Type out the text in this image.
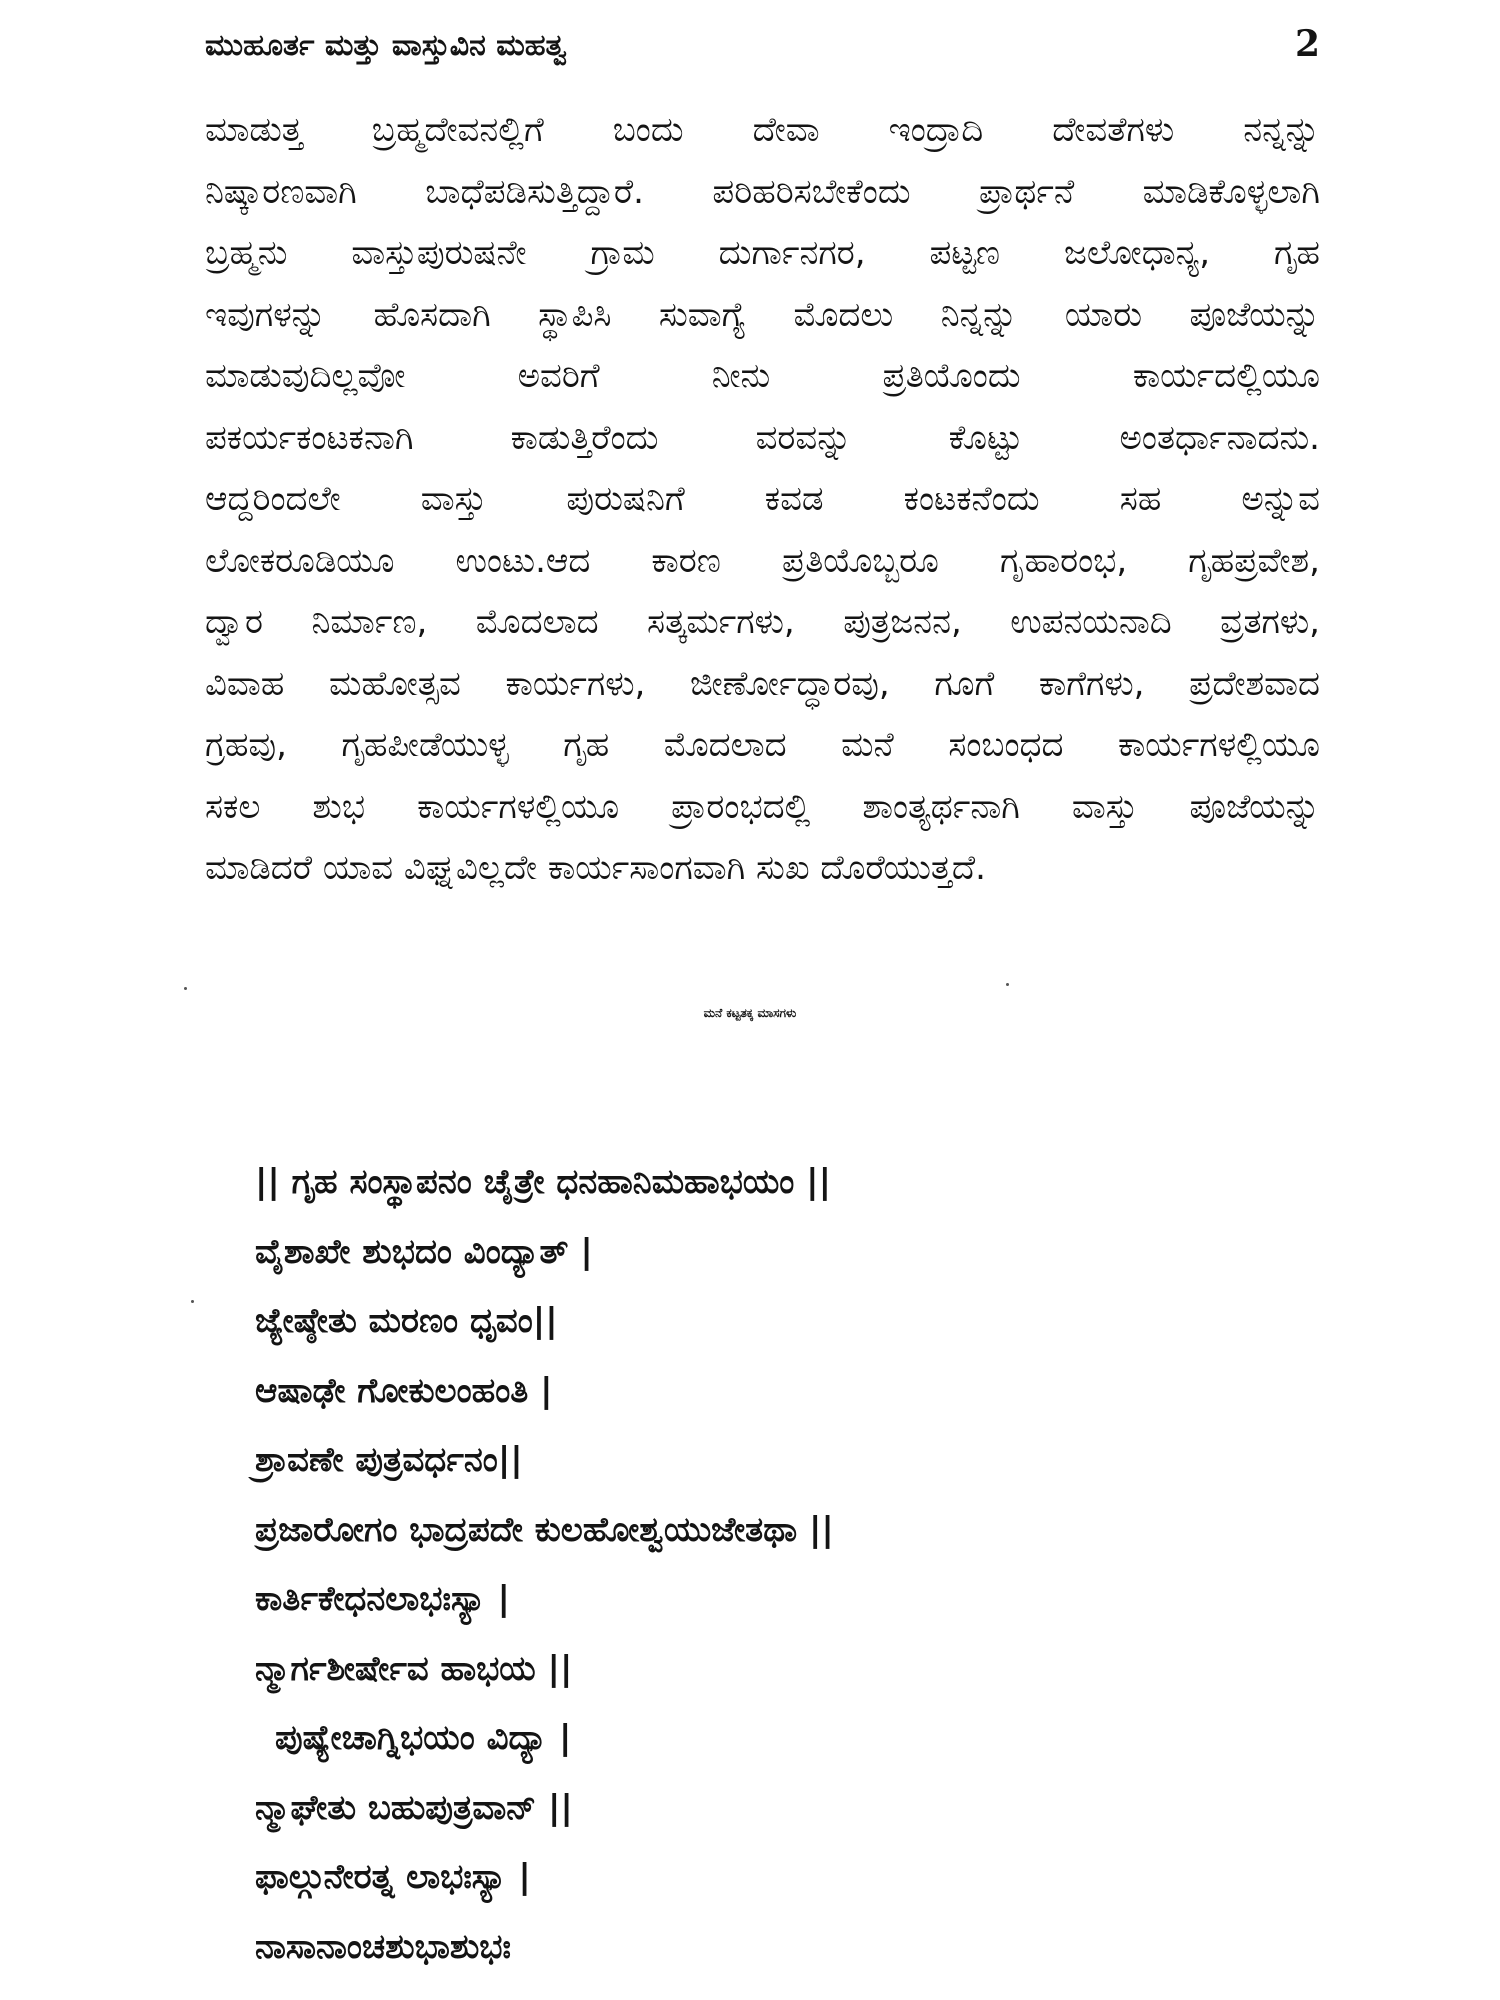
ಮುಹೂರ್ತ ಮತ್ತು ವಾಸ್ತುವಿನ ಮಹತ್ವ	2
ಮಾಡುತ್ತ ಬ್ರಹ್ಮದೇವನಲ್ಲಿಗೆ ಬಂದು ದೇವಾ ಇಂದ್ರಾದಿ ದೇವತೆಗಳು ನನ್ನನ್ನು
ನಿಷ್ಕಾರಣವಾಗಿ ಬಾಧೆಪಡಿಸುತ್ತಿದ್ದಾರೆ. ಪರಿಹರಿಸಬೇಕೆಂದು ಪ್ರಾರ್ಥನೆ ಮಾಡಿಕೊಳ್ಳಲಾಗಿ
ಬ್ರಹ್ಮನು ವಾಸ್ತುಪುರುಷನೇ ಗ್ರಾಮ ದುರ್ಗಾನಗರ, ಪಟ್ಟಣ ಜಲೋಧಾನ್ಯ, ಗೃಹ
ಇವುಗಳನ್ನು ಹೊಸದಾಗಿ ಸ್ಥಾಪಿಸಿ ಸುವಾಗ್ಯೆ ಮೊದಲು ನಿನ್ನನ್ನು ಯಾರು ಪೂಜೆಯನ್ನು
ಮಾಡುವುದಿಲ್ಲವೋ	ಅವರಿಗೆ	ನೀನು	ಪ್ರತಿಯೊಂದು	ಕಾರ್ಯದಲ್ಲಿಯೂ
ಪಕರ್ಯಕಂಟಕನಾಗಿ	ಕಾಡುತ್ತಿರೆಂದು	ವರವನ್ನು	ಕೊಟ್ಟು	ಅಂತರ್ಧಾನಾದನು.
ಆದ್ದರಿಂದಲೇ ವಾಸ್ತು ಪುರುಷನಿಗೆ ಕವಡ ಕಂಟಕನೆಂದು ಸಹ ಅನ್ನುವ
ಲೋಕರೂಡಿಯೂ ಉಂಟು.ಆದ ಕಾರಣ ಪ್ರತಿಯೊಬ್ಬರೂ ಗೃಹಾರಂಭ, ಗೃಹಪ್ರವೇಶ,
ದ್ವಾರ ನಿರ್ಮಾಣ, ಮೊದಲಾದ ಸತ್ಕರ್ಮಗಳು, ಪುತ್ರಜನನ, ಉಪನಯನಾದಿ ವ್ರತಗಳು,
ವಿವಾಹ ಮಹೋತ್ಸವ ಕಾರ್ಯಗಳು, ಜೀರ್ಣೋದ್ಧಾರವು, ಗೂಗೆ ಕಾಗೆಗಳು, ಪ್ರದೇಶವಾದ
ಗ್ರಹವು, ಗೃಹಪೀಡೆಯುಳ್ಳ ಗೃಹ ಮೊದಲಾದ ಮನೆ ಸಂಬಂಧದ ಕಾರ್ಯಗಳಲ್ಲಿಯೂ
ಸಕಲ ಶುಭ ಕಾರ್ಯಗಳಲ್ಲಿಯೂ ಪ್ರಾರಂಭದಲ್ಲಿ ಶಾಂತ್ಯರ್ಥನಾಗಿ ವಾಸ್ತು ಪೂಜೆಯನ್ನು
ಮಾಡಿದರೆ ಯಾವ ವಿಘ್ನವಿಲ್ಲದೇ ಕಾರ್ಯಸಾಂಗವಾಗಿ ಸುಖ ದೊರೆಯುತ್ತದೆ.
ಮನೆ ಕಟ್ಟತಕ್ಕ ಮಾಸಗಳು
|| ಗೃಹ ಸಂಸ್ಥಾಪನಂ ಚೈತ್ರೇ ಧನಹಾನಿಮಹಾಭಯಂ ||
ವೈಶಾಖೇ ಶುಭದಂ ವಿಂದ್ಯಾತ್ |
ಜ್ಯೇಷ್ಠೇತು ಮರಣಂ ಧೃವಂ||
ಆಷಾಢೇ ಗೋಕುಲಂಹಂತಿ |
ಶ್ರಾವಣೇ ಪುತ್ರವರ್ಧನಂ||
ಪ್ರಜಾರೋಗಂ ಭಾದ್ರಪದೇ ಕುಲಹೋಶ್ವಯುಜೇತಥಾ ||
ಕಾರ್ತಿಕೇಧನಲಾಭಃಸ್ಯಾ |
ನ್ಮಾರ್ಗಶೀರ್ಷೇವ ಹಾಭಯ ||
ಪುಷ್ಯೇಚಾಗ್ನಿಭಯಂ ವಿದ್ಯಾ |
ನ್ಮಾಘೇತು ಬಹುಪುತ್ರವಾನ್ ||
ಫಾಲ್ಗುನೇರತ್ನ ಲಾಭಃಸ್ಯಾ |
ನಾಸಾನಾಂಚಶುಭಾಶುಭಃ
